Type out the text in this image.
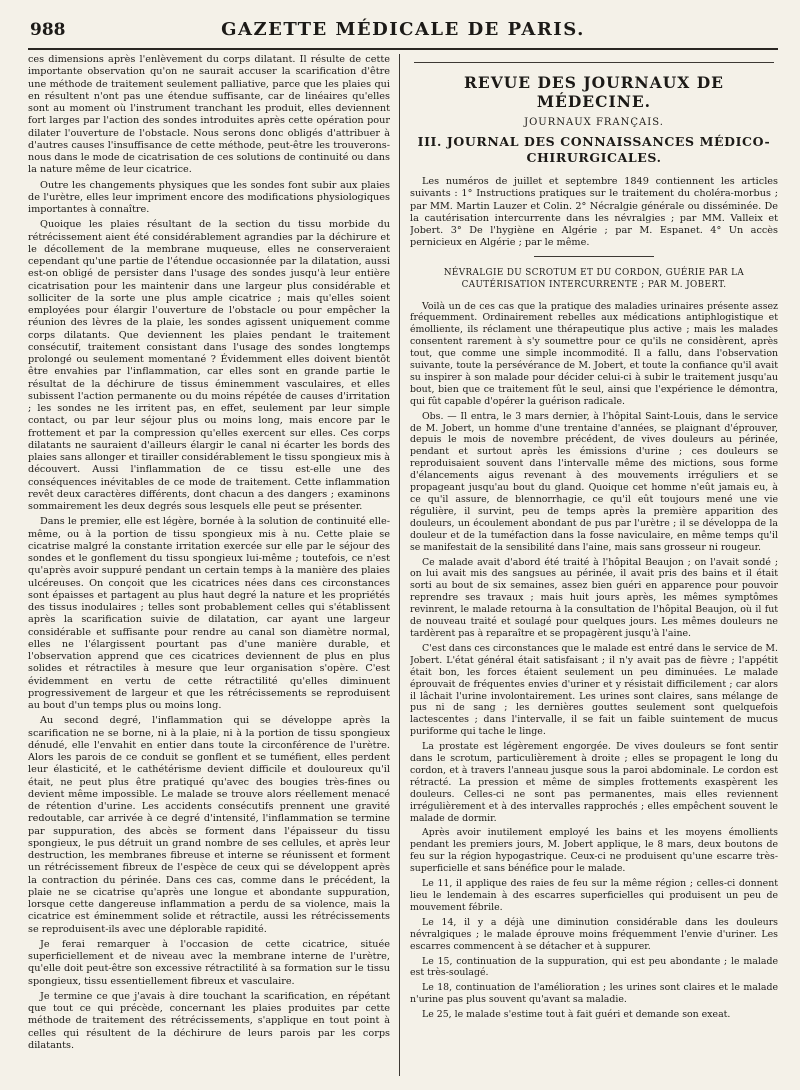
988	GAZETTE MÉDICALE DE PARIS.

ces dimensions après l'enlèvement du corps dilatant. Il résulte de cette importante observation qu'on ne saurait accuser la scarification d'être une méthode de traitement seulement palliative, parce que les plaies qui en résultent n'ont pas une étendue suffisante, car de linéaires qu'elles sont au moment où l'instrument tranchant les produit, elles deviennent fort larges par l'action des sondes introduites après cette opération pour dilater l'ouverture de l'obstacle. Nous serons donc obligés d'attribuer à d'autres causes l'insuffisance de cette méthode, peut-être les trouverons-nous dans le mode de cicatrisation de ces solutions de continuité ou dans la nature même de leur cicatrice.

Outre les changements physiques que les sondes font subir aux plaies de l'urètre, elles leur impriment encore des modifications physiologiques importantes à connaître.

Quoique les plaies résultant de la section du tissu morbide du rétrécissement aient été considérablement agrandies par la déchirure et le décollement de la membrane muqueuse, elles ne conserveraient cependant qu'une partie de l'étendue occasionnée par la dilatation, aussi est-on obligé de persister dans l'usage des sondes jusqu'à leur entière cicatrisation pour les maintenir dans une largeur plus considérable et solliciter de la sorte une plus ample cicatrice ; mais qu'elles soient employées pour élargir l'ouverture de l'obstacle ou pour empêcher la réunion des lèvres de la plaie, les sondes agissent uniquement comme corps dilatants. Que deviennent les plaies pendant le traitement consécutif, traitement consistant dans l'usage des sondes longtemps prolongé ou seulement momentané ? Évidemment elles doivent bientôt être envahies par l'inflammation, car elles sont en grande partie le résultat de la déchirure de tissus éminemment vasculaires, et elles subissent l'action permanente ou du moins répétée de causes d'irritation ; les sondes ne les irritent pas, en effet, seulement par leur simple contact, ou par leur séjour plus ou moins long, mais encore par le frottement et par la compression qu'elles exercent sur elles. Ces corps dilatants ne sauraient d'ailleurs élargir le canal ni écarter les bords des plaies sans allonger et tirailler considérablement le tissu spongieux mis à découvert. Aussi l'inflammation de ce tissu est-elle une des conséquences inévitables de ce mode de traitement. Cette inflammation revêt deux caractères différents, dont chacun a des dangers ; examinons sommairement les deux degrés sous lesquels elle peut se présenter.

Dans le premier, elle est légère, bornée à la solution de continuité elle-même, ou à la portion de tissu spongieux mis à nu. Cette plaie se cicatrise malgré la constante irritation exercée sur elle par le séjour des sondes et le gonflement du tissu spongieux lui-même ; toutefois, ce n'est qu'après avoir suppuré pendant un certain temps à la manière des plaies ulcéreuses. On conçoit que les cicatrices nées dans ces circonstances sont épaisses et partagent au plus haut degré la nature et les propriétés des tissus inodulaires ; telles sont probablement celles qui s'établissent après la scarification suivie de dilatation, car ayant une largeur considérable et suffisante pour rendre au canal son diamètre normal, elles ne l'élargissent pourtant pas d'une manière durable, et l'observation apprend que ces cicatrices deviennent de plus en plus solides et rétractiles à mesure que leur organisation s'opère. C'est évidemment en vertu de cette rétractilité qu'elles diminuent progressivement de largeur et que les rétrécissements se reproduisent au bout d'un temps plus ou moins long.

Au second degré, l'inflammation qui se développe après la scarification ne se borne, ni à la plaie, ni à la portion de tissu spongieux dénudé, elle l'envahit en entier dans toute la circonférence de l'urètre. Alors les parois de ce conduit se gonflent et se tuméfient, elles perdent leur élasticité, et le cathétérisme devient difficile et douloureux qu'il était, ne peut plus être pratiqué qu'avec des bougies très-fines ou devient même impossible. Le malade se trouve alors réellement menacé de rétention d'urine. Les accidents consécutifs prennent une gravité redoutable, car arrivée à ce degré d'intensité, l'inflammation se termine par suppuration, des abcès se forment dans l'épaisseur du tissu spongieux, le pus détruit un grand nombre de ses cellules, et après leur destruction, les membranes fibreuse et interne se réunissent et forment un rétrécissement fibreux de l'espèce de ceux qui se développent après la contraction du périnée. Dans ces cas, comme dans le précédent, la plaie ne se cicatrise qu'après une longue et abondante suppuration, lorsque cette dangereuse inflammation a perdu de sa violence, mais la cicatrice est éminemment solide et rétractile, aussi les rétrécissements se reproduisent-ils avec une déplorable rapidité.

Je ferai remarquer à l'occasion de cette cicatrice, située superficiellement et de niveau avec la membrane interne de l'urètre, qu'elle doit peut-être son excessive rétractilité à sa formation sur le tissu spongieux, tissu essentiellement fibreux et vasculaire.

Je termine ce que j'avais à dire touchant la scarification, en répétant que tout ce qui précède, concernant les plaies produites par cette méthode de traitement des rétrécissements, s'applique en tout point à celles qui résultent de la déchirure de leurs parois par les corps dilatants.

REVUE DES JOURNAUX DE MÉDECINE.
JOURNAUX FRANÇAIS.
III. JOURNAL DES CONNAISSANCES MÉDICO-CHIRURGICALES.

Les numéros de juillet et septembre 1849 contiennent les articles suivants : 1° Instructions pratiques sur le traitement du choléra-morbus ; par MM. Martin Lauzer et Colin. 2° Nécralgie générale ou disséminée. De la cautérisation intercurrente dans les névralgies ; par MM. Valleix et Jobert. 3° De l'hygiène en Algérie ; par M. Espanet. 4° Un accès pernicieux en Algérie ; par le même.

NÉVRALGIE DU SCROTUM ET DU CORDON, GUÉRIE PAR LA CAUTÉRISATION INTERCURRENTE ; PAR M. JOBERT.

Voilà un de ces cas que la pratique des maladies urinaires présente assez fréquemment. Ordinairement rebelles aux médications antiphlogistique et émolliente, ils réclament une thérapeutique plus active ; mais les malades consentent rarement à s'y soumettre pour ce qu'ils ne considèrent, après tout, que comme une simple incommodité. Il a fallu, dans l'observation suivante, toute la persévérance de M. Jobert, et toute la confiance qu'il avait su inspirer à son malade pour décider celui-ci à subir le traitement jusqu'au bout, bien que ce traitement fût le seul, ainsi que l'expérience le démontra, qui fût capable d'opérer la guérison radicale.

Obs. — Il entra, le 3 mars dernier, à l'hôpital Saint-Louis, dans le service de M. Jobert, un homme d'une trentaine d'années, se plaignant d'éprouver, depuis le mois de novembre précédent, de vives douleurs au périnée, pendant et surtout après les émissions d'urine ; ces douleurs se reproduisaient souvent dans l'intervalle même des mictions, sous forme d'élancements aigus revenant à des mouvements irréguliers et se propageant jusqu'au bout du gland. Quoique cet homme n'eût jamais eu, à ce qu'il assure, de blennorrhagie, ce qu'il eût toujours mené une vie régulière, il survint, peu de temps après la première apparition des douleurs, un écoulement abondant de pus par l'urètre ; il se développa de la douleur et de la tuméfaction dans la fosse naviculaire, en même temps qu'il se manifestait de la sensibilité dans l'aine, mais sans grosseur ni rougeur.

Ce malade avait d'abord été traité à l'hôpital Beaujon ; on l'avait sondé ; on lui avait mis des sangsues au périnée, il avait pris des bains et il était sorti au bout de six semaines, assez bien guéri en apparence pour pouvoir reprendre ses travaux ; mais huit jours après, les mêmes symptômes revinrent, le malade retourna à la consultation de l'hôpital Beaujon, où il fut de nouveau traité et soulagé pour quelques jours. Les mêmes douleurs ne tardèrent pas à reparaître et se propagèrent jusqu'à l'aine.

C'est dans ces circonstances que le malade est entré dans le service de M. Jobert. L'état général était satisfaisant ; il n'y avait pas de fièvre ; l'appétit était bon, les forces étaient seulement un peu diminuées. Le malade éprouvait de fréquentes envies d'uriner et y résistait difficilement ; car alors il lâchait l'urine involontairement. Les urines sont claires, sans mélange de pus ni de sang ; les dernières gouttes seulement sont quelquefois lactescentes ; dans l'intervalle, il se fait un faible suintement de mucus puriforme qui tache le linge.

La prostate est légèrement engorgée. De vives douleurs se font sentir dans le scrotum, particulièrement à droite ; elles se propagent le long du cordon, et à travers l'anneau jusque sous la paroi abdominale. Le cordon est rétracté. La pression et même de simples frottements exaspèrent les douleurs. Celles-ci ne sont pas permanentes, mais elles reviennent irrégulièrement et à des intervalles rapprochés ; elles empêchent souvent le malade de dormir.

Après avoir inutilement employé les bains et les moyens émollients pendant les premiers jours, M. Jobert applique, le 8 mars, deux boutons de feu sur la région hypogastrique. Ceux-ci ne produisent qu'une escarre très-superficielle et sans bénéfice pour le malade.

Le 11, il applique des raies de feu sur la même région ; celles-ci donnent lieu le lendemain à des escarres superficielles qui produisent un peu de mouvement fébrile.

Le 14, il y a déjà une diminution considérable dans les douleurs névralgiques ; le malade éprouve moins fréquemment l'envie d'uriner. Les escarres commencent à se détacher et à suppurer.

Le 15, continuation de la suppuration, qui est peu abondante ; le malade est très-soulagé.

Le 18, continuation de l'amélioration ; les urines sont claires et le malade n'urine pas plus souvent qu'avant sa maladie.

Le 25, le malade s'estime tout à fait guéri et demande son exeat.
